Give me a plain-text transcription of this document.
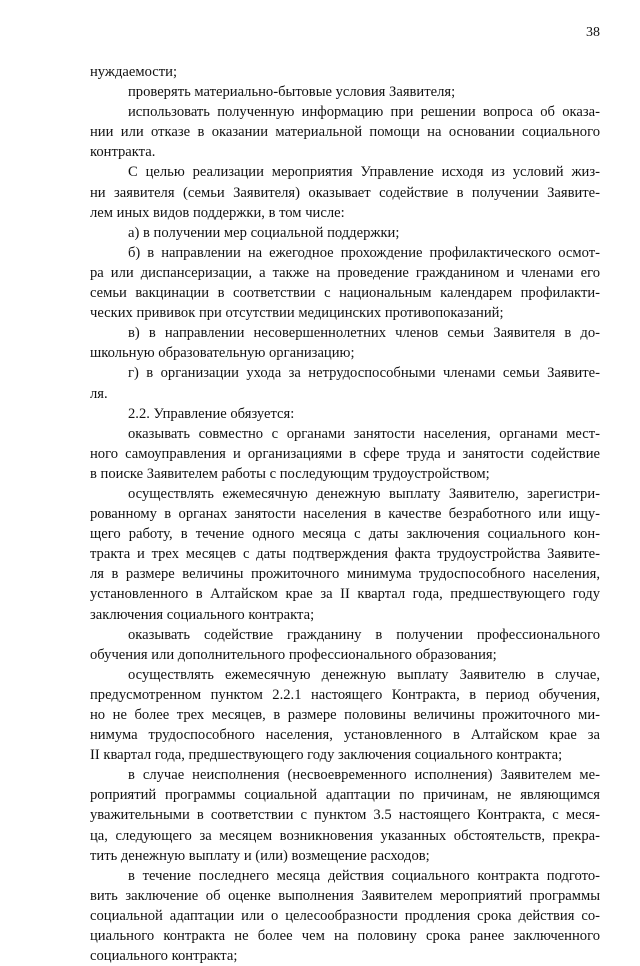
38
нуждаемости;
проверять материально-бытовые условия Заявителя;
использовать полученную информацию при решении вопроса об оказа-
нии или отказе в оказании материальной помощи на основании социального
контракта.
С целью реализации мероприятия Управление исходя из условий жиз-
ни заявителя (семьи Заявителя) оказывает содействие в получении Заявите-
лем иных видов поддержки, в том числе:
а) в получении мер социальной поддержки;
б) в направлении на ежегодное прохождение профилактического осмот-
ра или диспансеризации, а также на проведение гражданином и членами его
семьи вакцинации в соответствии с национальным календарем профилакти-
ческих прививок при отсутствии медицинских противопоказаний;
в) в направлении несовершеннолетних членов семьи Заявителя в до-
школьную образовательную организацию;
г) в организации ухода за нетрудоспособными членами семьи Заявите-
ля.
2.2. Управление обязуется:
оказывать совместно с органами занятости населения, органами мест-
ного самоуправления и организациями в сфере труда и занятости содействие
в поиске Заявителем работы с последующим трудоустройством;
осуществлять ежемесячную денежную выплату Заявителю, зарегистри-
рованному в органах занятости населения в качестве безработного или ищу-
щего работу, в течение одного месяца с даты заключения социального кон-
тракта и трех месяцев с даты подтверждения факта трудоустройства Заявите-
ля в размере величины прожиточного минимума трудоспособного населения,
установленного в Алтайском крае за II квартал года, предшествующего году
заключения социального контракта;
оказывать содействие гражданину в получении профессионального
обучения или дополнительного профессионального образования;
осуществлять ежемесячную денежную выплату Заявителю в случае,
предусмотренном пунктом 2.2.1 настоящего Контракта, в период обучения,
но не более трех месяцев, в размере половины величины прожиточного ми-
нимума трудоспособного населения, установленного в Алтайском крае за
II квартал года, предшествующего году заключения социального контракта;
в случае неисполнения (несвоевременного исполнения) Заявителем ме-
роприятий программы социальной адаптации по причинам, не являющимся
уважительными в соответствии с пунктом 3.5 настоящего Контракта, с меся-
ца, следующего за месяцем возникновения указанных обстоятельств, прекра-
тить денежную выплату и (или) возмещение расходов;
в течение последнего месяца действия социального контракта подгото-
вить заключение об оценке выполнения Заявителем мероприятий программы
социальной адаптации или о целесообразности продления срока действия со-
циального контракта не более чем на половину срока ранее заключенного
социального контракта;
